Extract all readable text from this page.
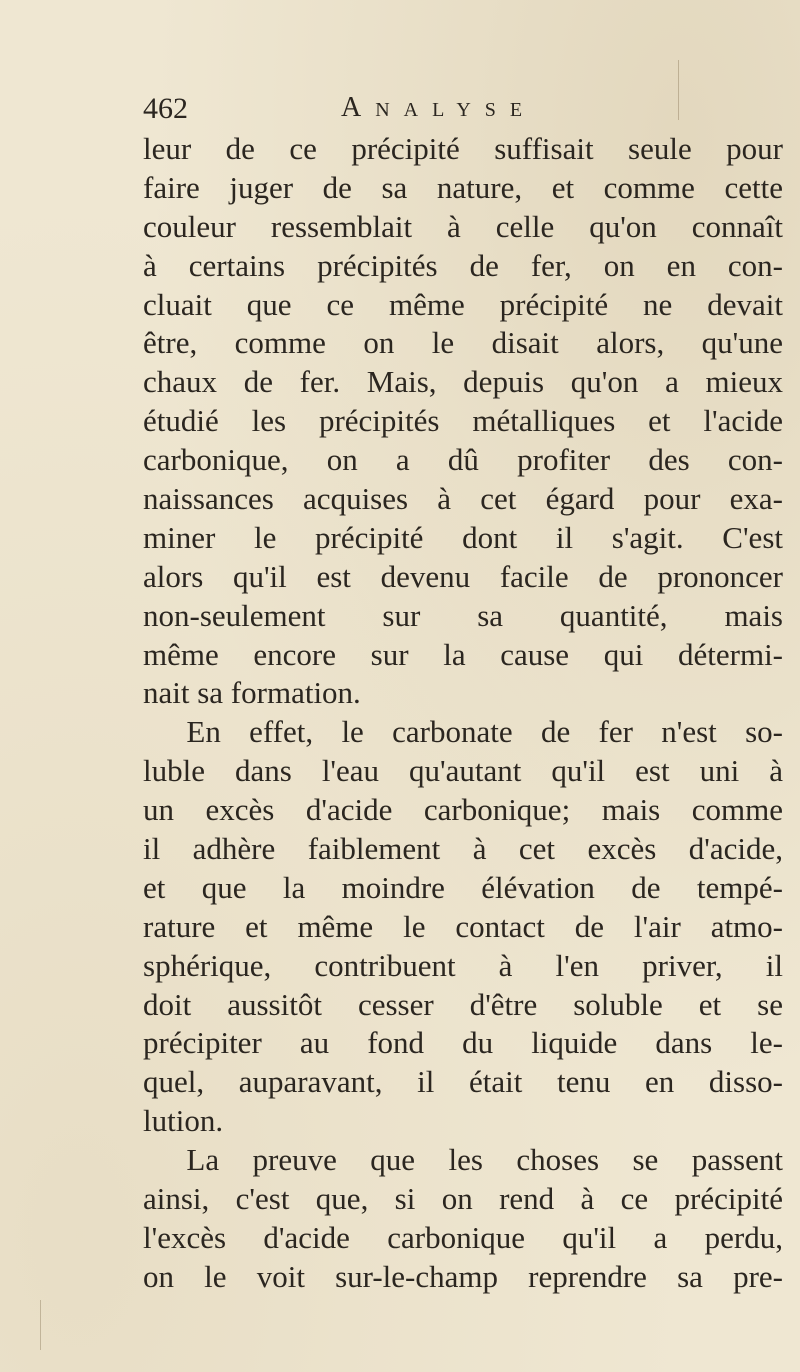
462	Analyse
leur de ce précipité suffisait seule pour
faire juger de sa nature, et comme cette
couleur ressemblait à celle qu'on connaît
à certains précipités de fer, on en con-
cluait que ce même précipité ne devait
être, comme on le disait alors, qu'une
chaux de fer. Mais, depuis qu'on a mieux
étudié les précipités métalliques et l'acide
carbonique, on a dû profiter des con-
naissances acquises à cet égard pour exa-
miner le précipité dont il s'agit. C'est
alors qu'il est devenu facile de prononcer
non-seulement sur sa quantité, mais
même encore sur la cause qui détermi-
nait sa formation.
En effet, le carbonate de fer n'est so-
luble dans l'eau qu'autant qu'il est uni à
un excès d'acide carbonique; mais comme
il adhère faiblement à cet excès d'acide,
et que la moindre élévation de tempé-
rature et même le contact de l'air atmo-
sphérique, contribuent à l'en priver, il
doit aussitôt cesser d'être soluble et se
précipiter au fond du liquide dans le-
quel, auparavant, il était tenu en disso-
lution.
La preuve que les choses se passent
ainsi, c'est que, si on rend à ce précipité
l'excès d'acide carbonique qu'il a perdu,
on le voit sur-le-champ reprendre sa pre-
